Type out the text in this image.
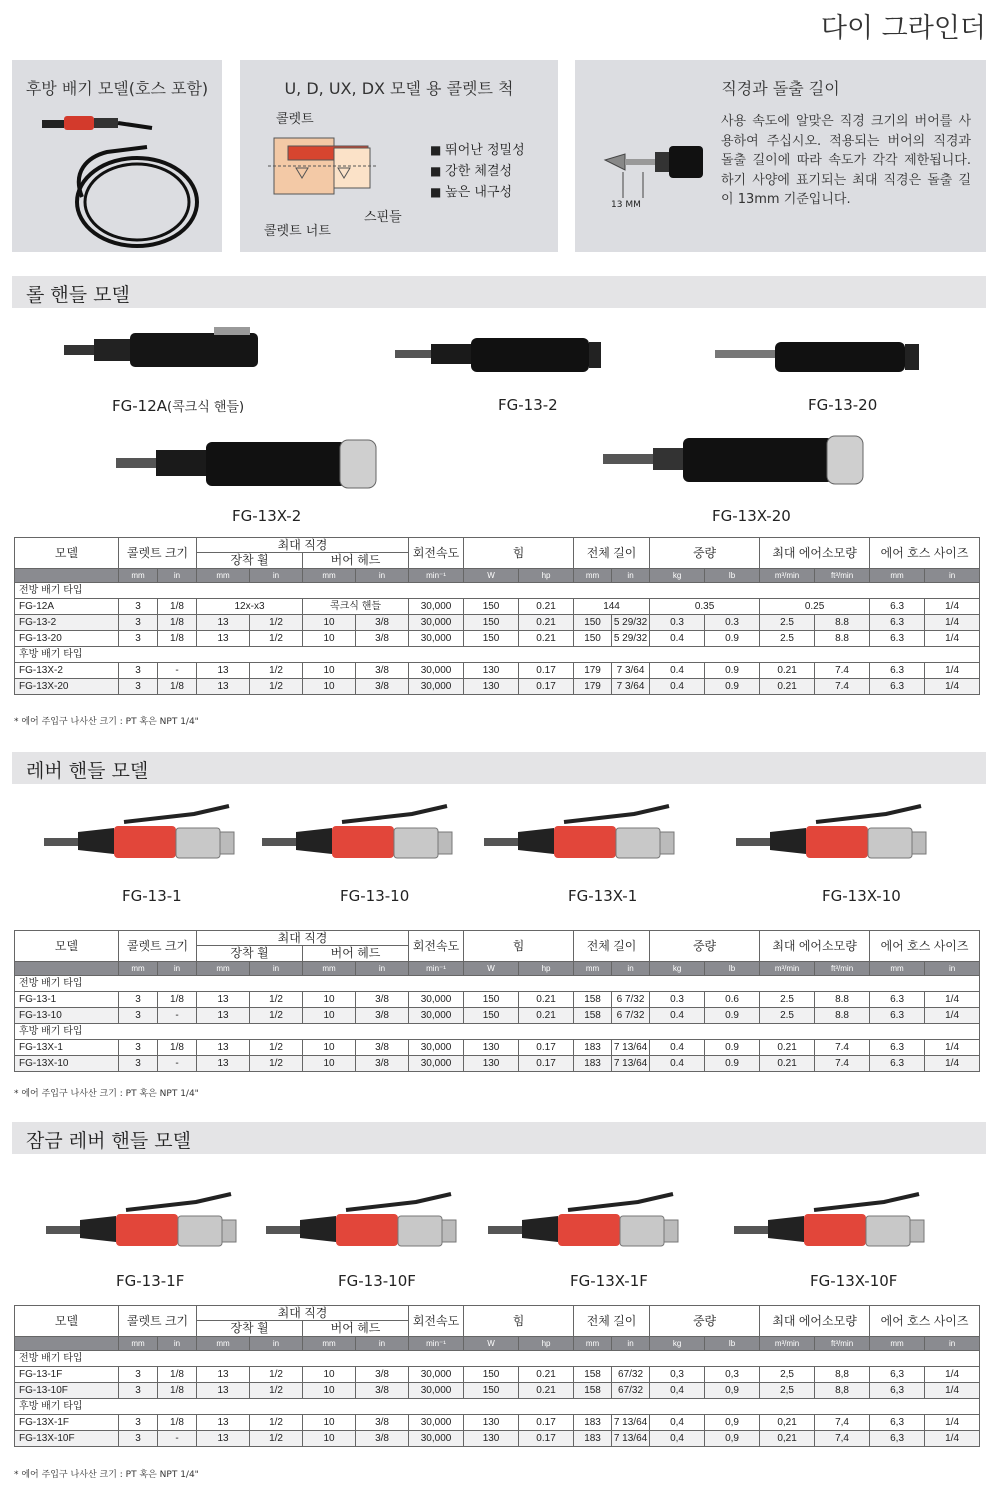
다이 그라인더
후방 배기 모델(호스 포함)	U, D, UX, DX 모델 용 콜렛트 척
콜렛트
스핀들
콜렛트 너트
■ 뛰어난 정밀성
■ 강한 체결성
■ 높은 내구성
직경과 돌출 길이
13 MM
사용 속도에 알맞은 직경 크기의 버어를 사용하여 주십시오. 적용되는 버어의 직경과 돌출 길이에 따라 속도가 각각 제한됩니다. 하기 사양에 표기되는 최대 직경은 돌출 길이 13mm 기준입니다.
롤 핸들 모델
FG-12A(콕크식 핸들)	FG-13-2	FG-13-20
FG-13X-2	FG-13X-20
모델	콜렛트 크기		최대 직경				회전속도	힘		전체 길이		중량		최대 에어소모량		에어 호스 사이즈	
			장착 휠		버어 헤드												
	mm	in	mm	in	mm	in	min⁻¹	W	hp	mm	in	kg	lb	m³/min	ft³/min	mm	in
전방 배기 타입																	
FG-12A	3	1/8	12x-x3		콕크식 핸들		30,000	150	0.21	144		0.35		0.25		6.3	1/4
FG-13-2	3	1/8	13	1/2	10	3/8	30,000	150	0.21	150	5 29/32	0.3	0.3	2.5	8.8	6.3	1/4
FG-13-20	3	1/8	13	1/2	10	3/8	30,000	150	0.21	150	5 29/32	0.4	0.9	2.5	8.8	6.3	1/4
후방 배기 타입																	
FG-13X-2	3	-	13	1/2	10	3/8	30,000	130	0.17	179	7 3/64	0.4	0.9	0.21	7.4	6.3	1/4
FG-13X-20	3	1/8	13	1/2	10	3/8	30,000	130	0.17	179	7 3/64	0.4	0.9	0.21	7.4	6.3	1/4
* 에어 주입구 나사산 크기 : PT 혹은 NPT 1/4"
레버 핸들 모델
FG-13-1	FG-13-10	FG-13X-1	FG-13X-10
모델	콜렛트 크기		최대 직경				회전속도	힘		전체 길이		중량		최대 에어소모량		에어 호스 사이즈	
			장착 휠		버어 헤드												
	mm	in	mm	in	mm	in	min⁻¹	W	hp	mm	in	kg	lb	m³/min	ft³/min	mm	in
전방 배기 타입																	
FG-13-1	3	1/8	13	1/2	10	3/8	30,000	150	0.21	158	6 7/32	0.3	0.6	2.5	8.8	6.3	1/4
FG-13-10	3	-	13	1/2	10	3/8	30,000	150	0.21	158	6 7/32	0.4	0.9	2.5	8.8	6.3	1/4
후방 배기 타입																	
FG-13X-1	3	1/8	13	1/2	10	3/8	30,000	130	0.17	183	7 13/64	0.4	0.9	0.21	7.4	6.3	1/4
FG-13X-10	3	-	13	1/2	10	3/8	30,000	130	0.17	183	7 13/64	0.4	0.9	0.21	7.4	6.3	1/4
* 에어 주입구 나사산 크기 : PT 혹은 NPT 1/4"
잠금 레버 핸들 모델
FG-13-1F	FG-13-10F	FG-13X-1F	FG-13X-10F
모델	콜렛트 크기		최대 직경				회전속도	힘		전체 길이		중량		최대 에어소모량		에어 호스 사이즈	
			장착 휠		버어 헤드												
	mm	in	mm	in	mm	in	min⁻¹	W	hp	mm	in	kg	lb	m³/min	ft³/min	mm	in
전방 배기 타입																	
FG-13-1F	3	1/8	13	1/2	10	3/8	30,000	150	0.21	158	67/32	0,3	0,3	2,5	8,8	6,3	1/4
FG-13-10F	3	1/8	13	1/2	10	3/8	30,000	150	0.21	158	67/32	0,4	0,9	2,5	8,8	6,3	1/4
후방 배기 타입																	
FG-13X-1F	3	1/8	13	1/2	10	3/8	30,000	130	0.17	183	7 13/64	0,4	0,9	0,21	7,4	6,3	1/4
FG-13X-10F	3	-	13	1/2	10	3/8	30,000	130	0.17	183	7 13/64	0,4	0,9	0,21	7,4	6,3	1/4
* 에어 주입구 나사산 크기 : PT 혹은 NPT 1/4"
